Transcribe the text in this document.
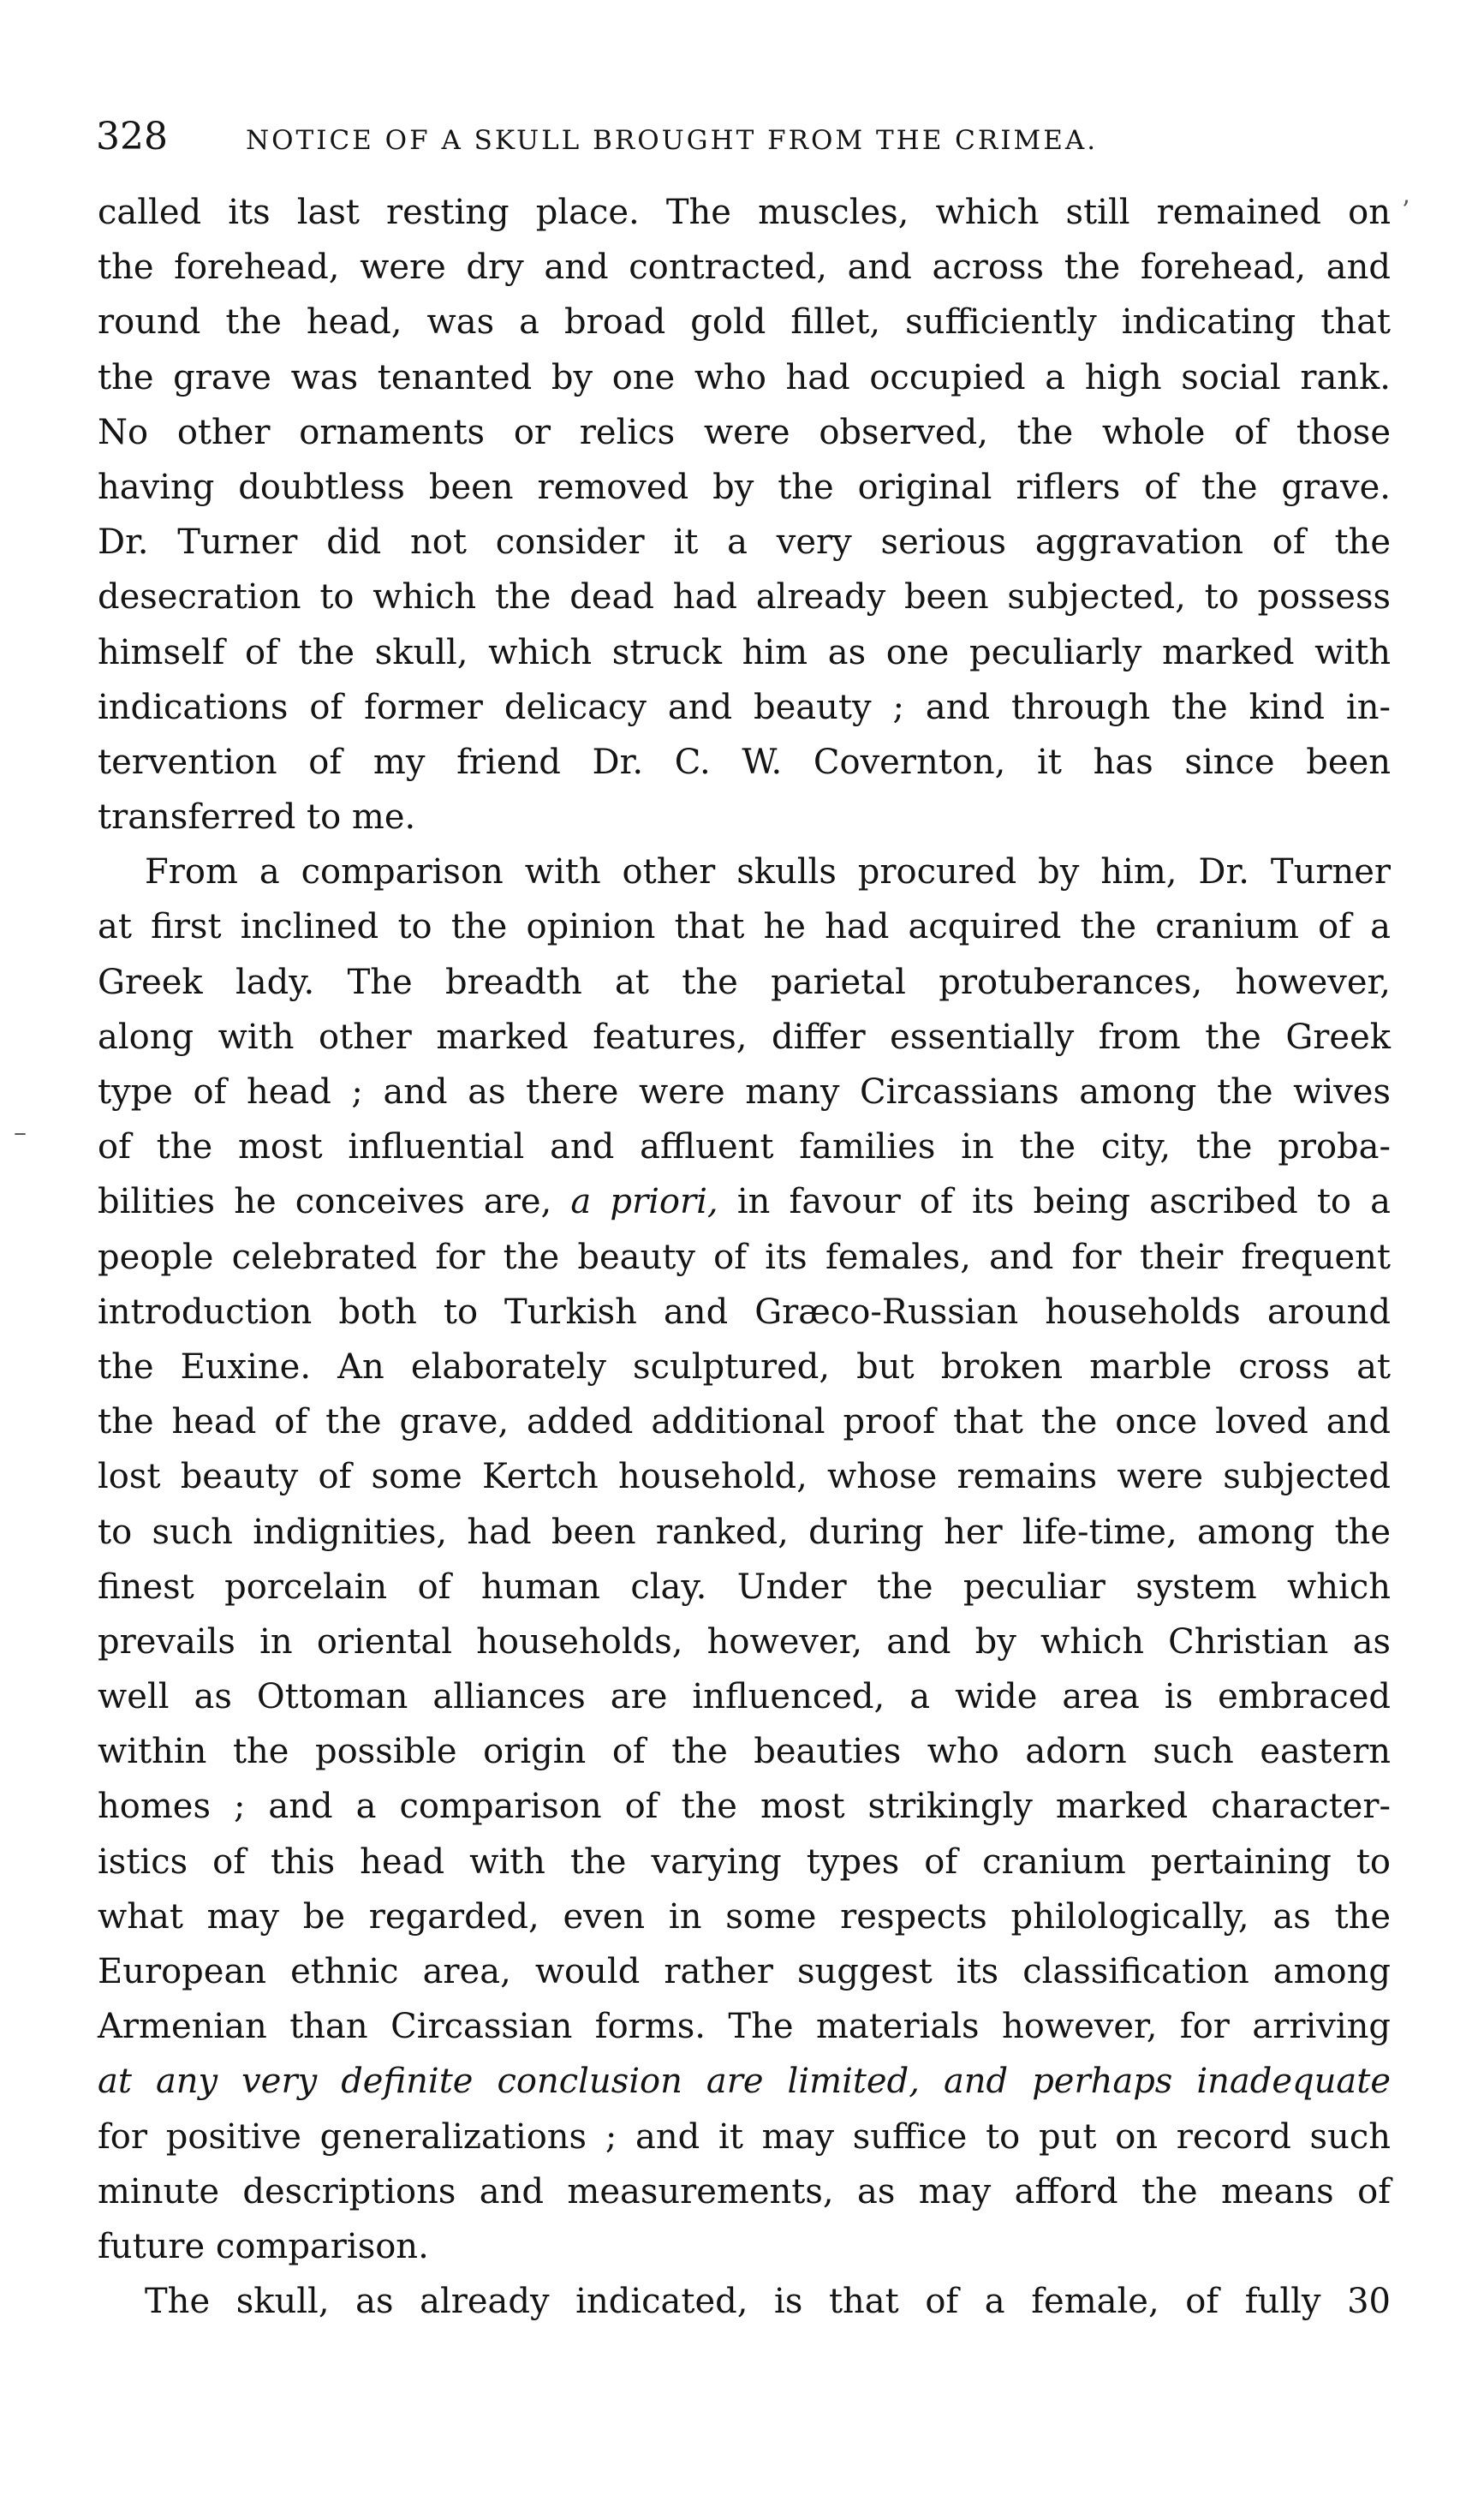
328	NOTICE OF A SKULL BROUGHT FROM THE CRIMEA.
called its last resting place. The muscles, which still remained on
the forehead, were dry and contracted, and across the forehead, and
round the head, was a broad gold fillet, sufficiently indicating that
the grave was tenanted by one who had occupied a high social rank.
No other ornaments or relics were observed, the whole of those
having doubtless been removed by the original riflers of the grave.
Dr. Turner did not consider it a very serious aggravation of the
desecration to which the dead had already been subjected, to possess
himself of the skull, which struck him as one peculiarly marked with
indications of former delicacy and beauty ; and through the kind in-
tervention of my friend Dr. C. W. Covernton, it has since been
transferred to me.
From a comparison with other skulls procured by him, Dr. Turner
at first inclined to the opinion that he had acquired the cranium of a
Greek lady. The breadth at the parietal protuberances, however,
along with other marked features, differ essentially from the Greek
type of head ; and as there were many Circassians among the wives
of the most influential and affluent families in the city, the proba-
bilities he conceives are, a priori, in favour of its being ascribed to a
people celebrated for the beauty of its females, and for their frequent
introduction both to Turkish and Græco-Russian households around
the Euxine. An elaborately sculptured, but broken marble cross at
the head of the grave, added additional proof that the once loved and
lost beauty of some Kertch household, whose remains were subjected
to such indignities, had been ranked, during her life-time, among the
finest porcelain of human clay. Under the peculiar system which
prevails in oriental households, however, and by which Christian as
well as Ottoman alliances are influenced, a wide area is embraced
within the possible origin of the beauties who adorn such eastern
homes ; and a comparison of the most strikingly marked character-
istics of this head with the varying types of cranium pertaining to
what may be regarded, even in some respects philologically, as the
European ethnic area, would rather suggest its classification among
Armenian than Circassian forms. The materials however, for arriving
at any very definite conclusion are limited, and perhaps inadequate
for positive generalizations ; and it may suffice to put on record such
minute descriptions and measurements, as may afford the means of
future comparison.
The skull, as already indicated, is that of a female, of fully 30
ʼ
–
